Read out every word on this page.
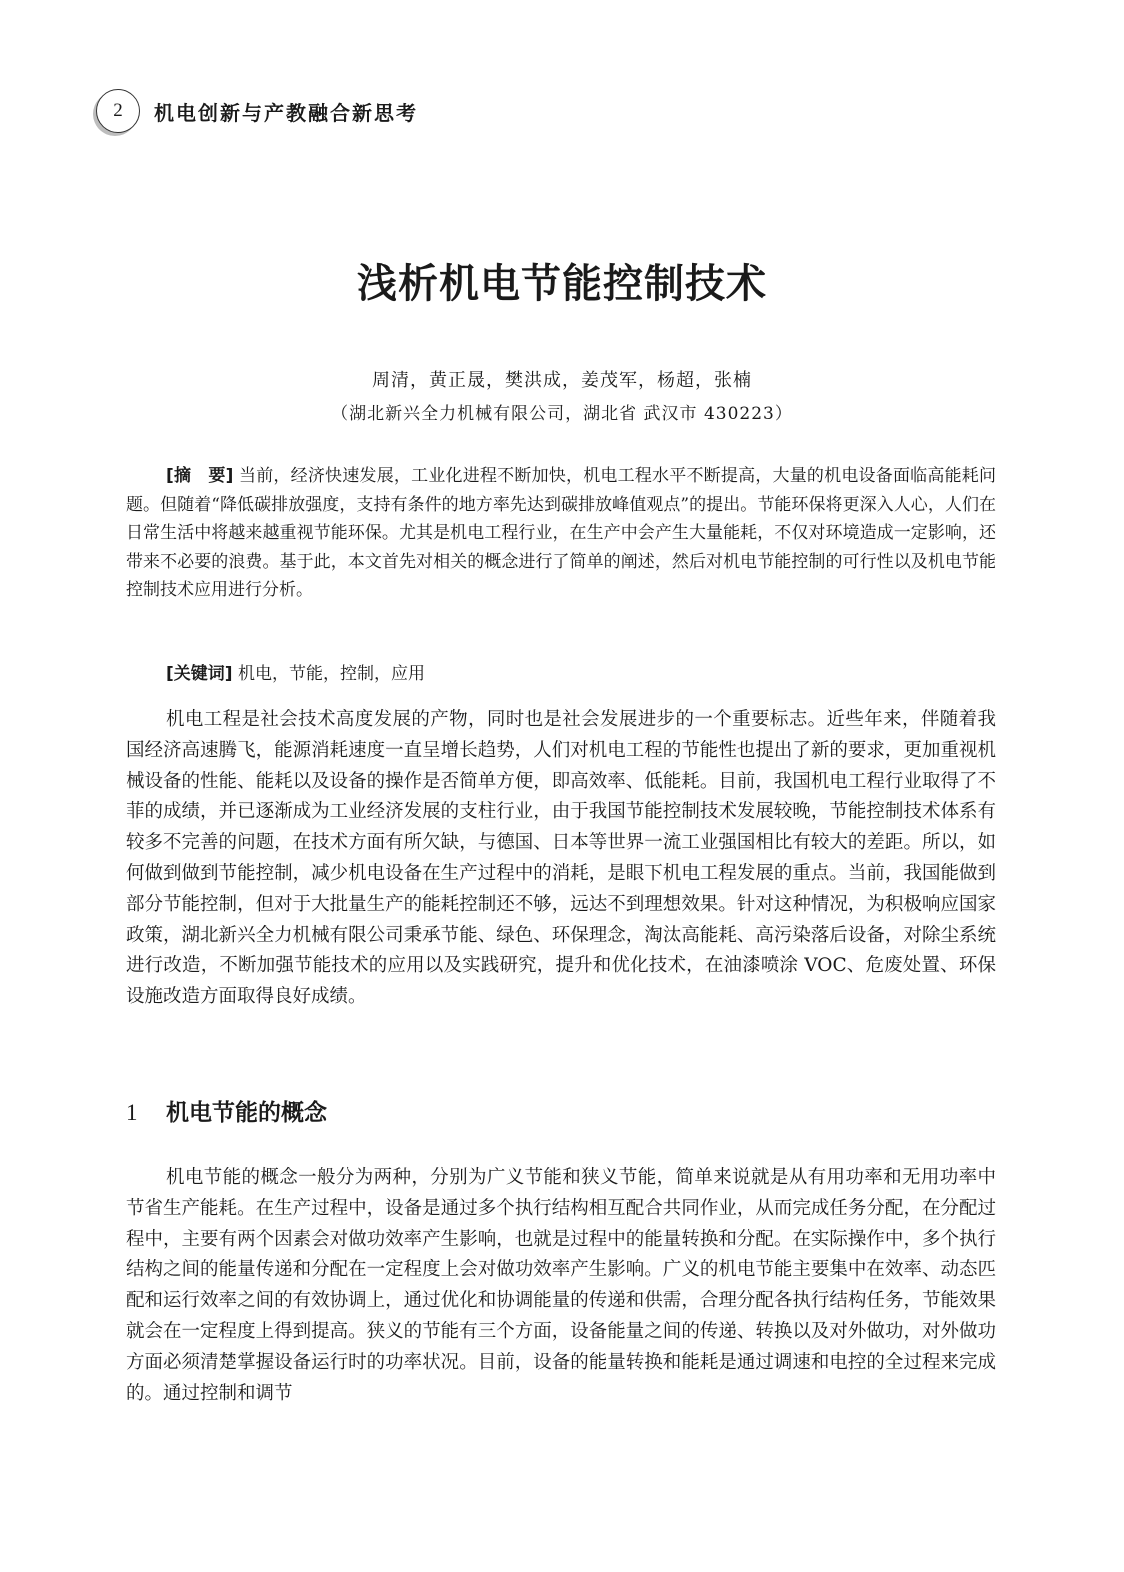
2	机电创新与产教融合新思考
浅析机电节能控制技术
周清，黄正晟，樊洪成，姜茂军，杨超，张楠
（湖北新兴全力机械有限公司，湖北省 武汉市 430223）

[摘　要] 当前，经济快速发展，工业化进程不断加快，机电工程水平不断提高，大量的机电设备面临高能耗问题。但随着“降低碳排放强度，支持有条件的地方率先达到碳排放峰值观点”的提出。节能环保将更深入人心，人们在日常生活中将越来越重视节能环保。尤其是机电工程行业，在生产中会产生大量能耗，不仅对环境造成一定影响，还带来不必要的浪费。基于此，本文首先对相关的概念进行了简单的阐述，然后对机电节能控制的可行性以及机电节能控制技术应用进行分析。

[关键词] 机电，节能，控制，应用

机电工程是社会技术高度发展的产物，同时也是社会发展进步的一个重要标志。近些年来，伴随着我国经济高速腾飞，能源消耗速度一直呈增长趋势，人们对机电工程的节能性也提出了新的要求，更加重视机械设备的性能、能耗以及设备的操作是否简单方便，即高效率、低能耗。目前，我国机电工程行业取得了不菲的成绩，并已逐渐成为工业经济发展的支柱行业，由于我国节能控制技术发展较晚，节能控制技术体系有较多不完善的问题，在技术方面有所欠缺，与德国、日本等世界一流工业强国相比有较大的差距。所以，如何做到做到节能控制，减少机电设备在生产过程中的消耗，是眼下机电工程发展的重点。当前，我国能做到部分节能控制，但对于大批量生产的能耗控制还不够，远达不到理想效果。针对这种情况，为积极响应国家政策，湖北新兴全力机械有限公司秉承节能、绿色、环保理念，淘汰高能耗、高污染落后设备，对除尘系统进行改造，不断加强节能技术的应用以及实践研究，提升和优化技术，在油漆喷涂 VOC、危废处置、环保设施改造方面取得良好成绩。

1	机电节能的概念

机电节能的概念一般分为两种，分别为广义节能和狭义节能，简单来说就是从有用功率和无用功率中节省生产能耗。在生产过程中，设备是通过多个执行结构相互配合共同作业，从而完成任务分配，在分配过程中，主要有两个因素会对做功效率产生影响，也就是过程中的能量转换和分配。在实际操作中，多个执行结构之间的能量传递和分配在一定程度上会对做功效率产生影响。广义的机电节能主要集中在效率、动态匹配和运行效率之间的有效协调上，通过优化和协调能量的传递和供需，合理分配各执行结构任务，节能效果就会在一定程度上得到提高。狭义的节能有三个方面，设备能量之间的传递、转换以及对外做功，对外做功方面必须清楚掌握设备运行时的功率状况。目前，设备的能量转换和能耗是通过调速和电控的全过程来完成的。通过控制和调节
